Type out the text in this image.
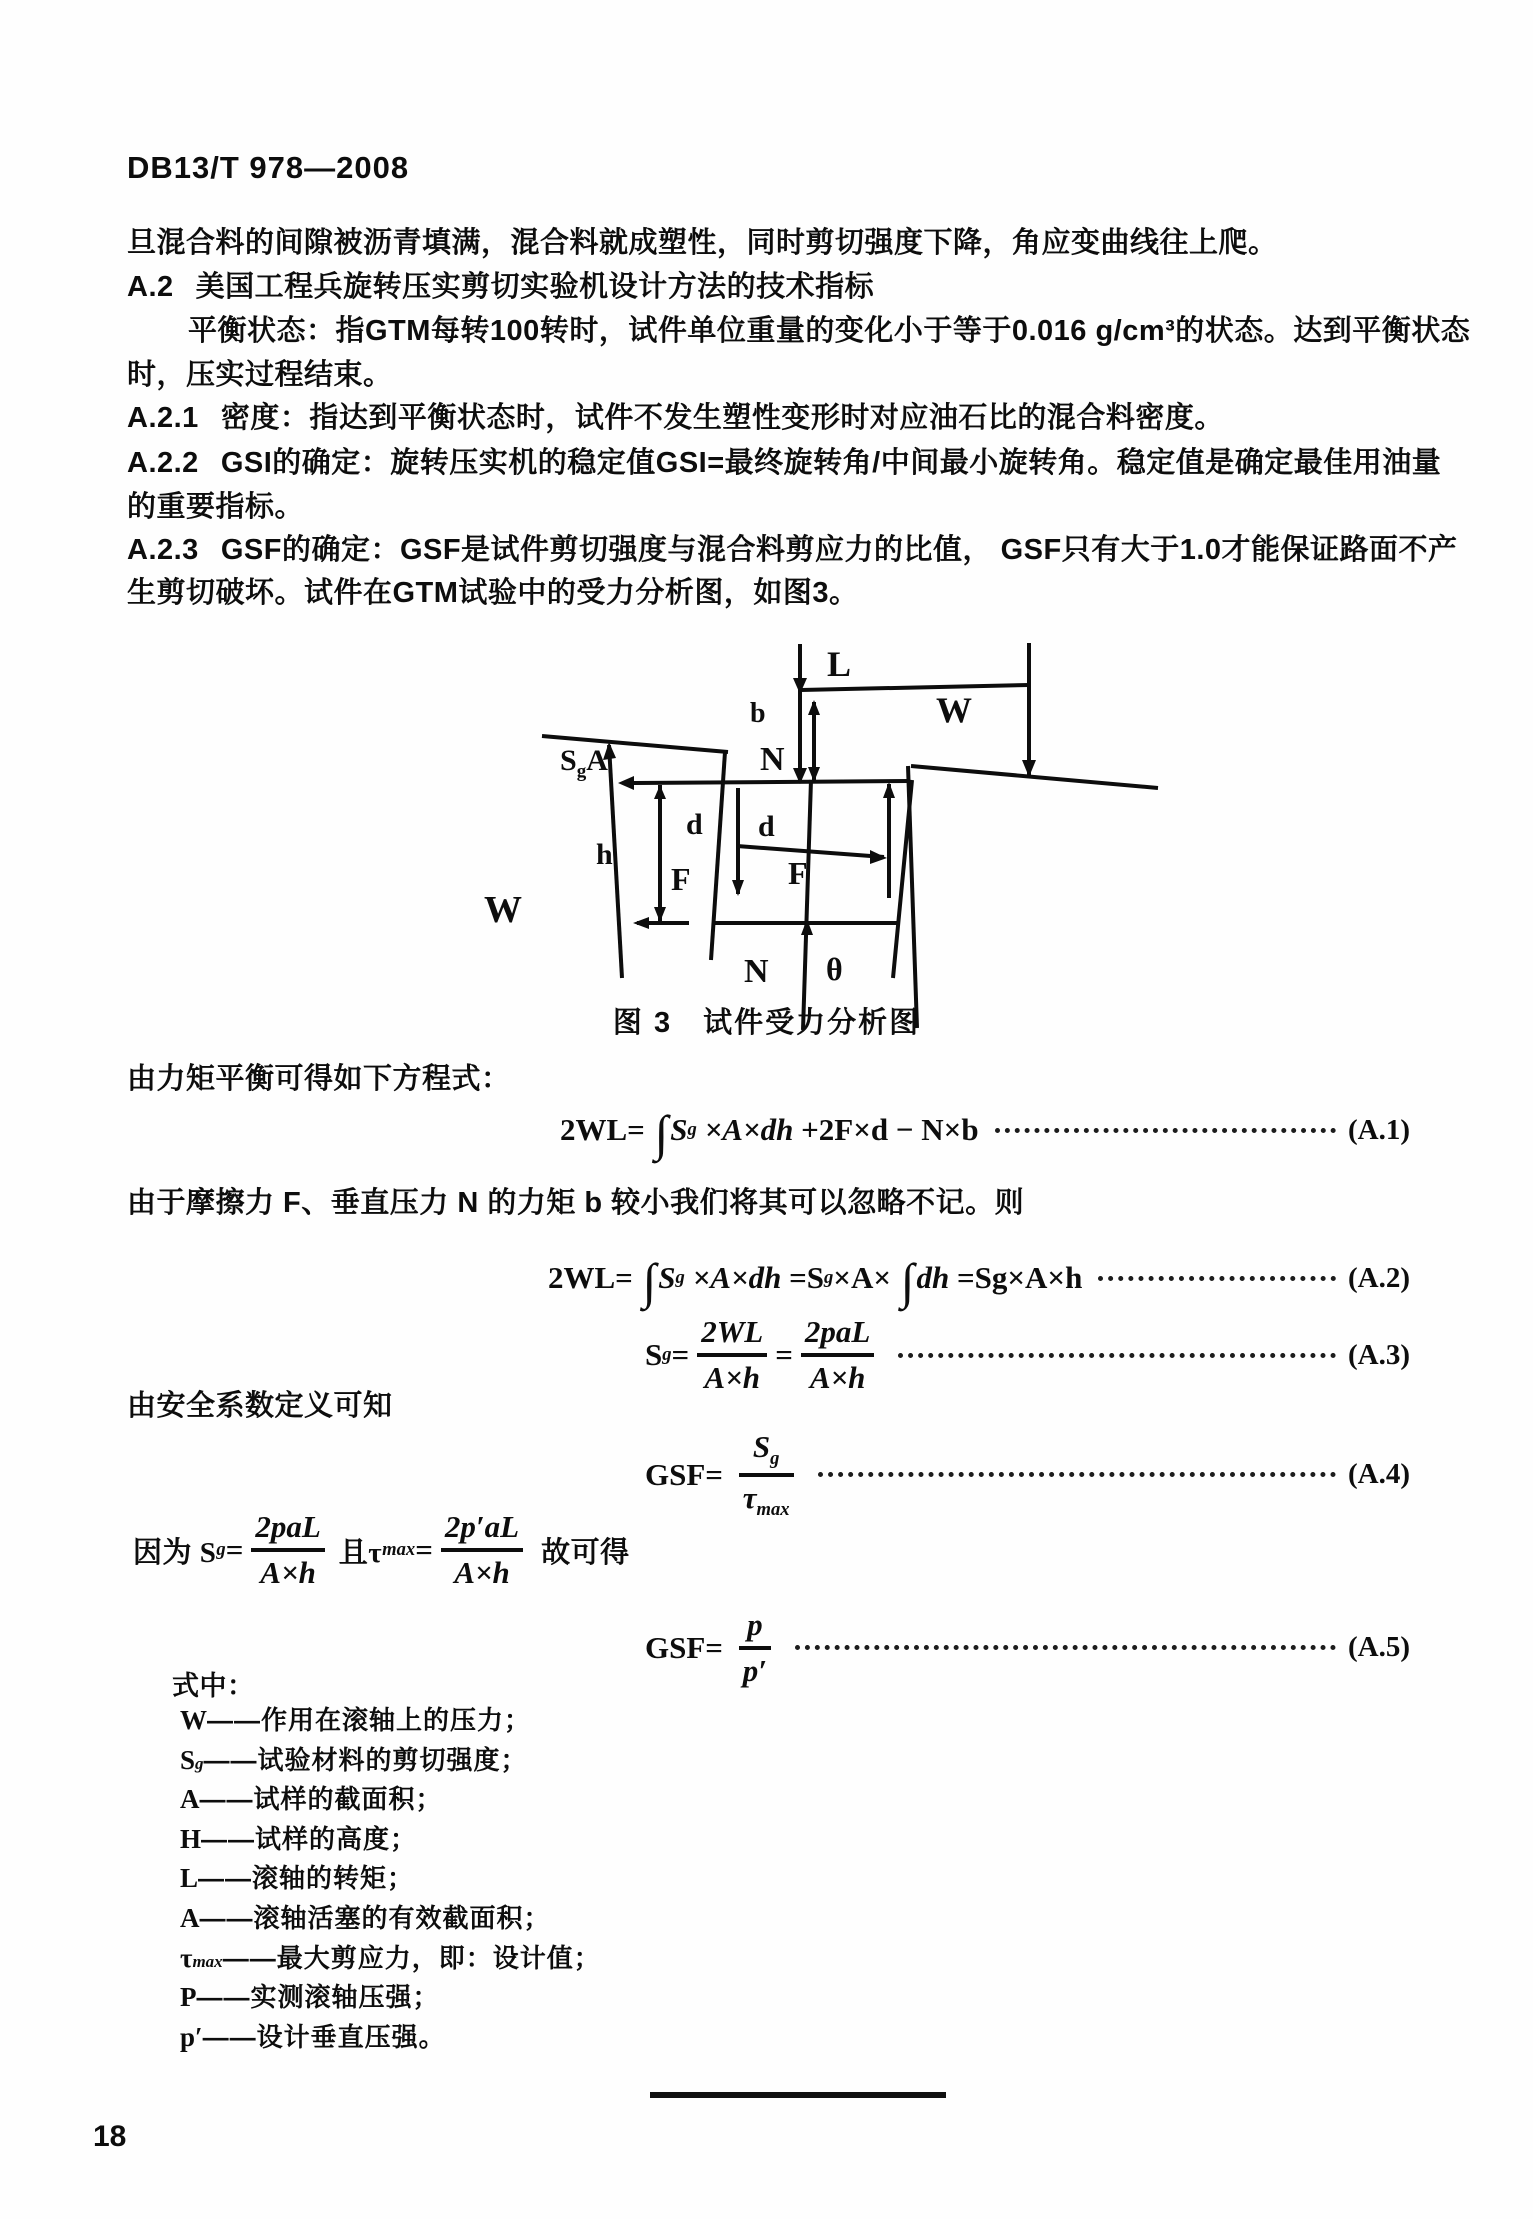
DB13/T 978—2008
旦混合料的间隙被沥青填满，混合料就成塑性，同时剪切强度下降，角应变曲线往上爬。
A.2 美国工程兵旋转压实剪切实验机设计方法的技术指标
平衡状态：指GTM每转100转时，试件单位重量的变化小于等于0.016 g/cm³的状态。达到平衡状态
时，压实过程结束。
A.2.1 密度：指达到平衡状态时，试件不发生塑性变形时对应油石比的混合料密度。
A.2.2 GSI的确定：旋转压实机的稳定值GSI=最终旋转角/中间最小旋转角。稳定值是确定最佳用油量
的重要指标。
A.2.3 GSF的确定：GSF是试件剪切强度与混合料剪应力的比值， GSF只有大于1.0才能保证路面不产
生剪切破坏。试件在GTM试验中的受力分析图，如图3。
L
W
b
N
$S_gA$
d d
h
F	F
W
N θ
图 3　试件受力分析图
由力矩平衡可得如下方程式：
2WL= ∫ S g ×A×dh +2F×d − N×b	(A.1)
由于摩擦力 F、垂直压力 N 的力矩 b 较小我们将其可以忽略不记。则
2WL= ∫ S g ×A×dh =S g ×A× ∫ dh =Sg×A×h	(A.2)
S $g = \frac{2WL}{A\times h} = \frac{\text{2paL}}{A\times h}$	(A.3)
由安全系数定义可知
$GSF= \frac{S_g}{\tau_{max}}$	(A.4)
因为 S $g = \frac{\text{2paL}}{A\times h}$ 且τ $\max = \frac{2p'aL}{A\times h}$ 故可得
$GSF= \frac{p}{p'}$	(A.5)
式中：
W ——作用在滚轴上的压力；
S g ——试验材料的剪切强度；
A ——试样的截面积；
H ——试样的高度；
L ——滚轴的转矩；
A ——滚轴活塞的有效截面积；
τ max ——最大剪应力，即：设计值；
P ——实测滚轴压强；
p′ ——设计垂直压强。
18
